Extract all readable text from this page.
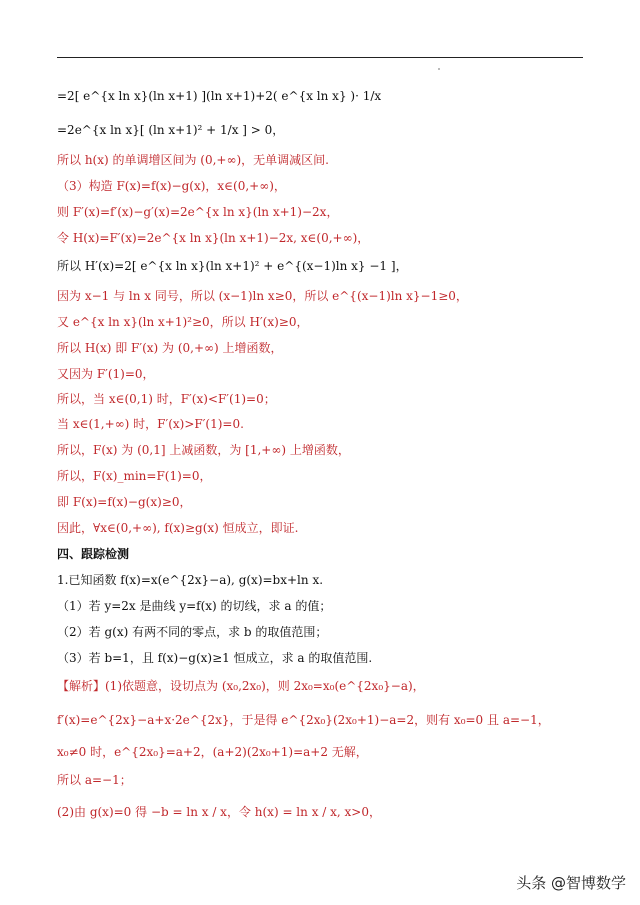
=2[ e^{x ln x}(ln x+1) ](ln x+1)+2( e^{x ln x} )· 1/x
=2e^{x ln x}[ (ln x+1)² + 1/x ] > 0，
所以 h(x) 的单调增区间为 (0,+∞)，无单调减区间.
（3）构造 F(x)=f(x)−g(x)，x∈(0,+∞)，
则 F′(x)=f′(x)−g′(x)=2e^{x ln x}(ln x+1)−2x，
令 H(x)=F′(x)=2e^{x ln x}(ln x+1)−2x, x∈(0,+∞)，
所以 H′(x)=2[ e^{x ln x}(ln x+1)² + e^{(x−1)ln x} −1 ]，
因为 x−1 与 ln x 同号，所以 (x−1)ln x≥0，所以 e^{(x−1)ln x}−1≥0，
又 e^{x ln x}(ln x+1)²≥0，所以 H′(x)≥0，
所以 H(x) 即 F′(x) 为 (0,+∞) 上增函数，
又因为 F′(1)=0，
所以，当 x∈(0,1) 时，F′(x)<F′(1)=0；
当 x∈(1,+∞) 时，F′(x)>F′(1)=0.
所以，F(x) 为 (0,1] 上减函数，为 [1,+∞) 上增函数，
所以，F(x)_min=F(1)=0，
即 F(x)=f(x)−g(x)≥0，
因此，∀x∈(0,+∞), f(x)≥g(x) 恒成立，即证.
四、跟踪检测
1.已知函数 f(x)=x(e^{2x}−a), g(x)=bx+ln x.
（1）若 y=2x 是曲线 y=f(x) 的切线，求 a 的值；
（2）若 g(x) 有两不同的零点，求 b 的取值范围；
（3）若 b=1，且 f(x)−g(x)≥1 恒成立，求 a 的取值范围.
【解析】(1)依题意，设切点为 (x₀,2x₀)，则 2x₀=x₀(e^{2x₀}−a)，
f′(x)=e^{2x}−a+x·2e^{2x}，于是得 e^{2x₀}(2x₀+1)−a=2，则有 x₀=0 且 a=−1，
x₀≠0 时，e^{2x₀}=a+2，(a+2)(2x₀+1)=a+2 无解，
所以 a=−1；
(2)由 g(x)=0 得 −b = ln x / x，令 h(x) = ln x / x, x>0，
头条 @智博数学
